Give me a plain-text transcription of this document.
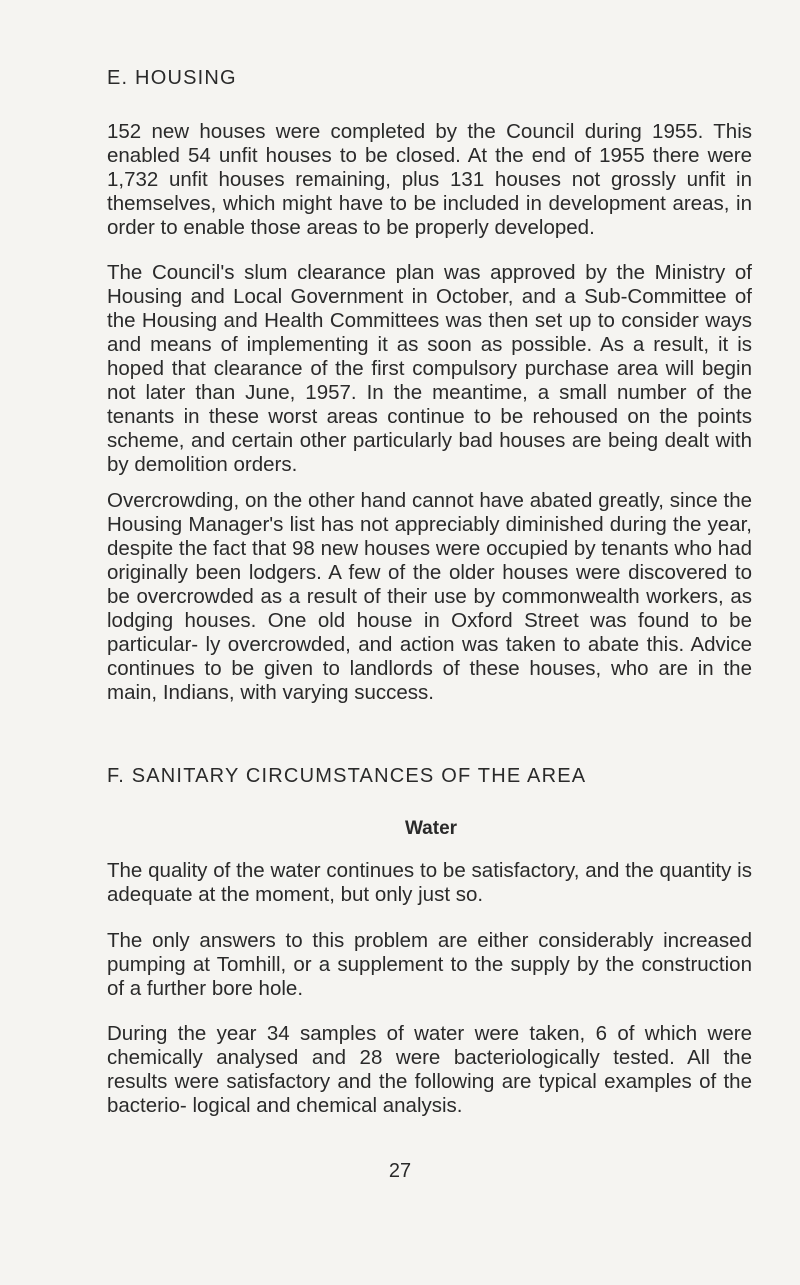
E. HOUSING

152 new houses were completed by the Council during 1955. This enabled 54 unfit houses to be closed. At the end of 1955 there were 1,732 unfit houses remaining, plus 131 houses not grossly unfit in themselves, which might have to be included in development areas, in order to enable those areas to be properly developed.

The Council's slum clearance plan was approved by the Ministry of Housing and Local Government in October, and a Sub-Committee of the Housing and Health Committees was then set up to consider ways and means of implementing it as soon as possible. As a result, it is hoped that clearance of the first compulsory purchase area will begin not later than June, 1957. In the meantime, a small number of the tenants in these worst areas continue to be rehoused on the points scheme, and certain other particularly bad houses are being dealt with by demolition orders.

Overcrowding, on the other hand cannot have abated greatly, since the Housing Manager's list has not appreciably diminished during the year, despite the fact that 98 new houses were occupied by tenants who had originally been lodgers. A few of the older houses were discovered to be overcrowded as a result of their use by commonwealth workers, as lodging houses. One old house in Oxford Street was found to be particular- ly overcrowded, and action was taken to abate this. Advice continues to be given to landlords of these houses, who are in the main, Indians, with varying success.

F. SANITARY CIRCUMSTANCES OF THE AREA
Water

The quality of the water continues to be satisfactory, and the quantity is adequate at the moment, but only just so.

The only answers to this problem are either considerably increased pumping at Tomhill, or a supplement to the supply by the construction of a further bore hole.

During the year 34 samples of water were taken, 6 of which were chemically analysed and 28 were bacteriologically tested. All the results were satisfactory and the following are typical examples of the bacterio- logical and chemical analysis.

27
